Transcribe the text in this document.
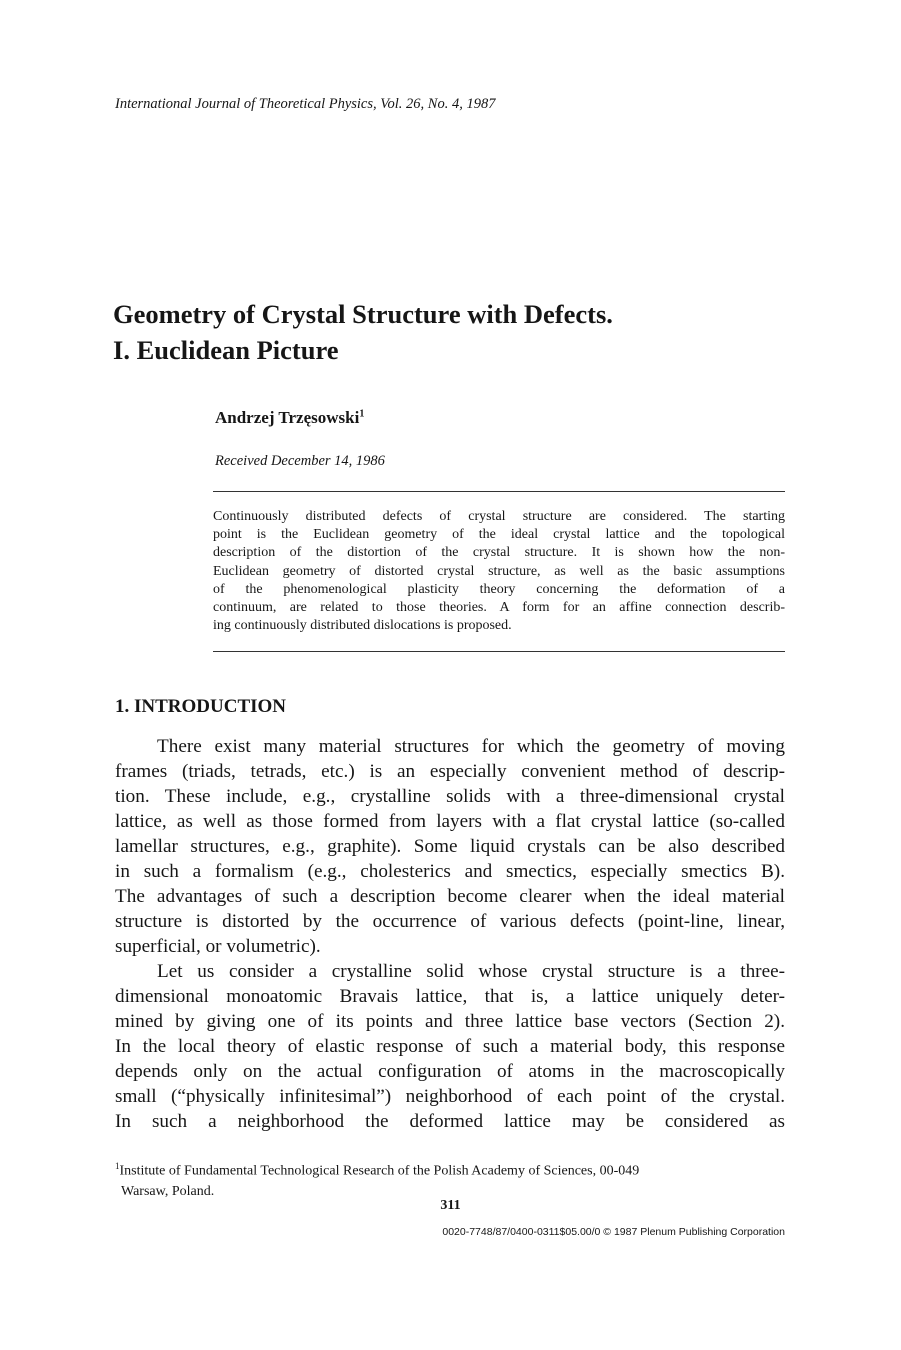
International Journal of Theoretical Physics, Vol. 26, No. 4, 1987
Geometry of Crystal Structure with Defects.
I. Euclidean Picture
Andrzej Trzęsowski$^1$
Received December 14, 1986
Continuously distributed defects of crystal structure are considered. The starting
point is the Euclidean geometry of the ideal crystal lattice and the topological
description of the distortion of the crystal structure. It is shown how the non-
Euclidean geometry of distorted crystal structure, as well as the basic assumptions
of the phenomenological plasticity theory concerning the deformation of a
continuum, are related to those theories. A form for an affine connection describ-
ing continuously distributed dislocations is proposed.
1. INTRODUCTION
There exist many material structures for which the geometry of moving
frames (triads, tetrads, etc.) is an especially convenient method of descrip-
tion. These include, e.g., crystalline solids with a three-dimensional crystal
lattice, as well as those formed from layers with a flat crystal lattice (so-called
lamellar structures, e.g., graphite). Some liquid crystals can be also described
in such a formalism (e.g., cholesterics and smectics, especially smectics B).
The advantages of such a description become clearer when the ideal material
structure is distorted by the occurrence of various defects (point-line, linear,
superficial, or volumetric).
Let us consider a crystalline solid whose crystal structure is a three-
dimensional monoatomic Bravais lattice, that is, a lattice uniquely deter-
mined by giving one of its points and three lattice base vectors (Section 2).
In the local theory of elastic response of such a material body, this response
depends only on the actual configuration of atoms in the macroscopically
small (“physically infinitesimal”) neighborhood of each point of the crystal.
In such a neighborhood the deformed lattice may be considered as
$^1$Institute of Fundamental Technological Research of the Polish Academy of Sciences, 00-049
Warsaw, Poland.
311
0020-7748/87/0400-0311$05.00/0 © 1987 Plenum Publishing Corporation
